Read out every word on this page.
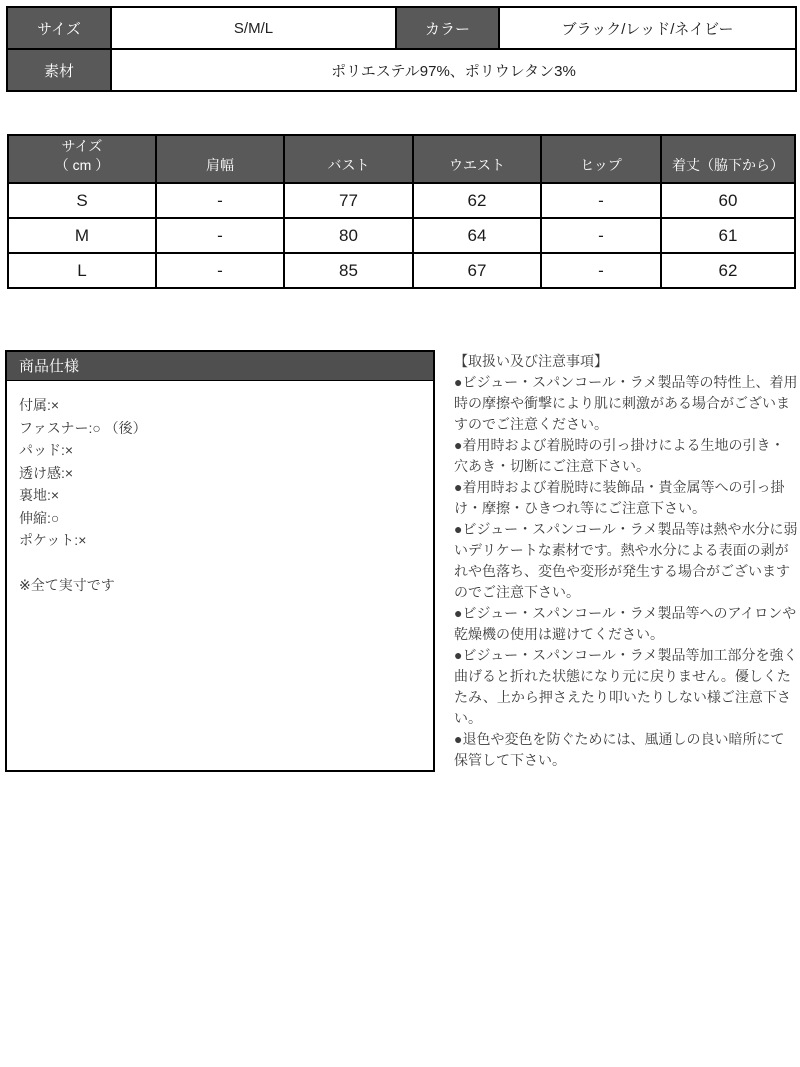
サイズ	S/M/L	カラー	ブラック/レッド/ネイビー
素材	ポリエステル97%、ポリウレタン3%		
サイズ
（ cm ）	肩幅	バスト	ウエスト	ヒップ	着丈（脇下から）
S	-	77	62	-	60
M	-	80	64	-	61
L	-	85	67	-	62
商品仕様
付属:×
ファスナー:○ （後）
パッド:×
透け感:×
裏地:×
伸縮:○
ポケット:×
※全て実寸です

【取扱い及び注意事項】

●ビジュー・スパンコール・ラメ製品等の特性上、着用時の摩擦や衝撃により肌に刺激がある場合がございますのでご注意ください。

●着用時および着脱時の引っ掛けによる生地の引き・穴あき・切断にご注意下さい。

●着用時および着脱時に装飾品・貴金属等への引っ掛け・摩擦・ひきつれ等にご注意下さい。

●ビジュー・スパンコール・ラメ製品等は熱や水分に弱いデリケートな素材です。熱や水分による表面の剥がれや色落ち、変色や変形が発生する場合がございますのでご注意下さい。

●ビジュー・スパンコール・ラメ製品等へのアイロンや乾燥機の使用は避けてください。

●ビジュー・スパンコール・ラメ製品等加工部分を強く曲げると折れた状態になり元に戻りません。優しくたたみ、上から押さえたり叩いたりしない様ご注意下さい。

●退色や変色を防ぐためには、風通しの良い暗所にて保管して下さい。
